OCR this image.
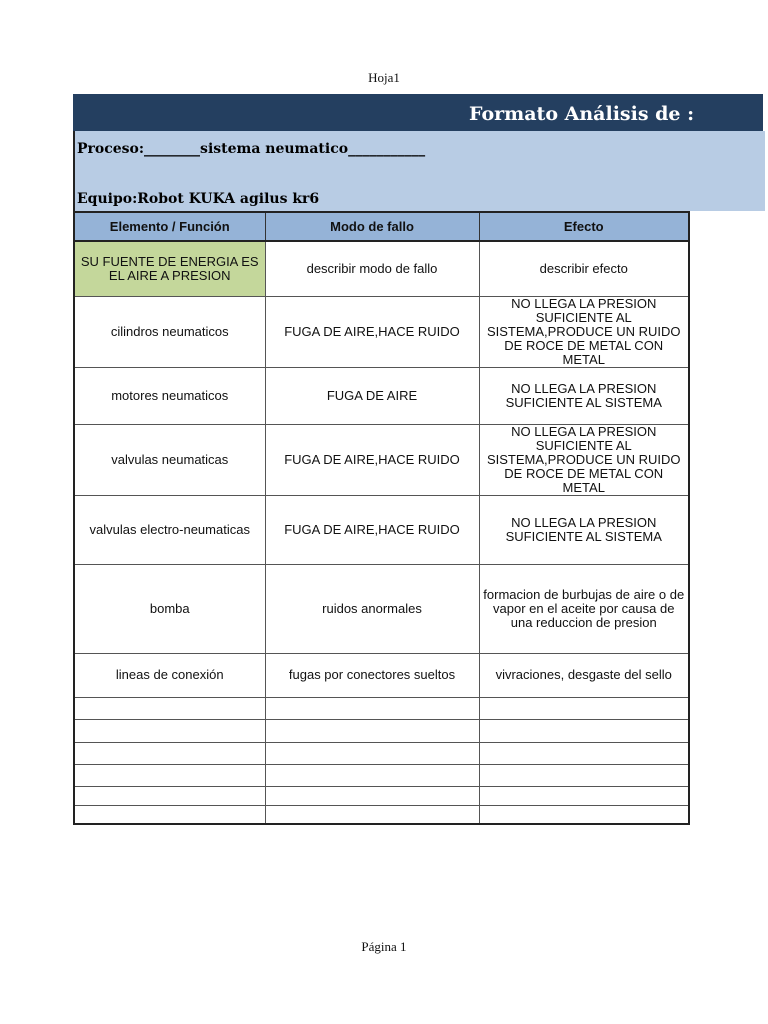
Hoja1
Formato Análisis de :
Proceso:________sistema neumatico___________
Equipo:Robot KUKA agilus kr6
Elemento / Función	Modo de fallo	Efecto
SU FUENTE DE ENERGIA ES EL AIRE A PRESION	describir modo de fallo	describir efecto
cilindros neumaticos	FUGA DE AIRE,HACE RUIDO	NO LLEGA LA PRESION SUFICIENTE AL SISTEMA,PRODUCE UN RUIDO DE ROCE DE METAL CON METAL
motores neumaticos	FUGA DE AIRE	NO LLEGA LA PRESION SUFICIENTE AL SISTEMA
valvulas neumaticas	FUGA DE AIRE,HACE RUIDO	NO LLEGA LA PRESION SUFICIENTE AL SISTEMA,PRODUCE UN RUIDO DE ROCE DE METAL CON METAL
valvulas electro-neumaticas	FUGA DE AIRE,HACE RUIDO	NO LLEGA LA PRESION SUFICIENTE AL SISTEMA
bomba	ruidos anormales	formacion de burbujas de aire o de vapor en el aceite por causa de una reduccion de presion
lineas de conexión	fugas por conectores sueltos	vivraciones, desgaste del sello

Página 1
